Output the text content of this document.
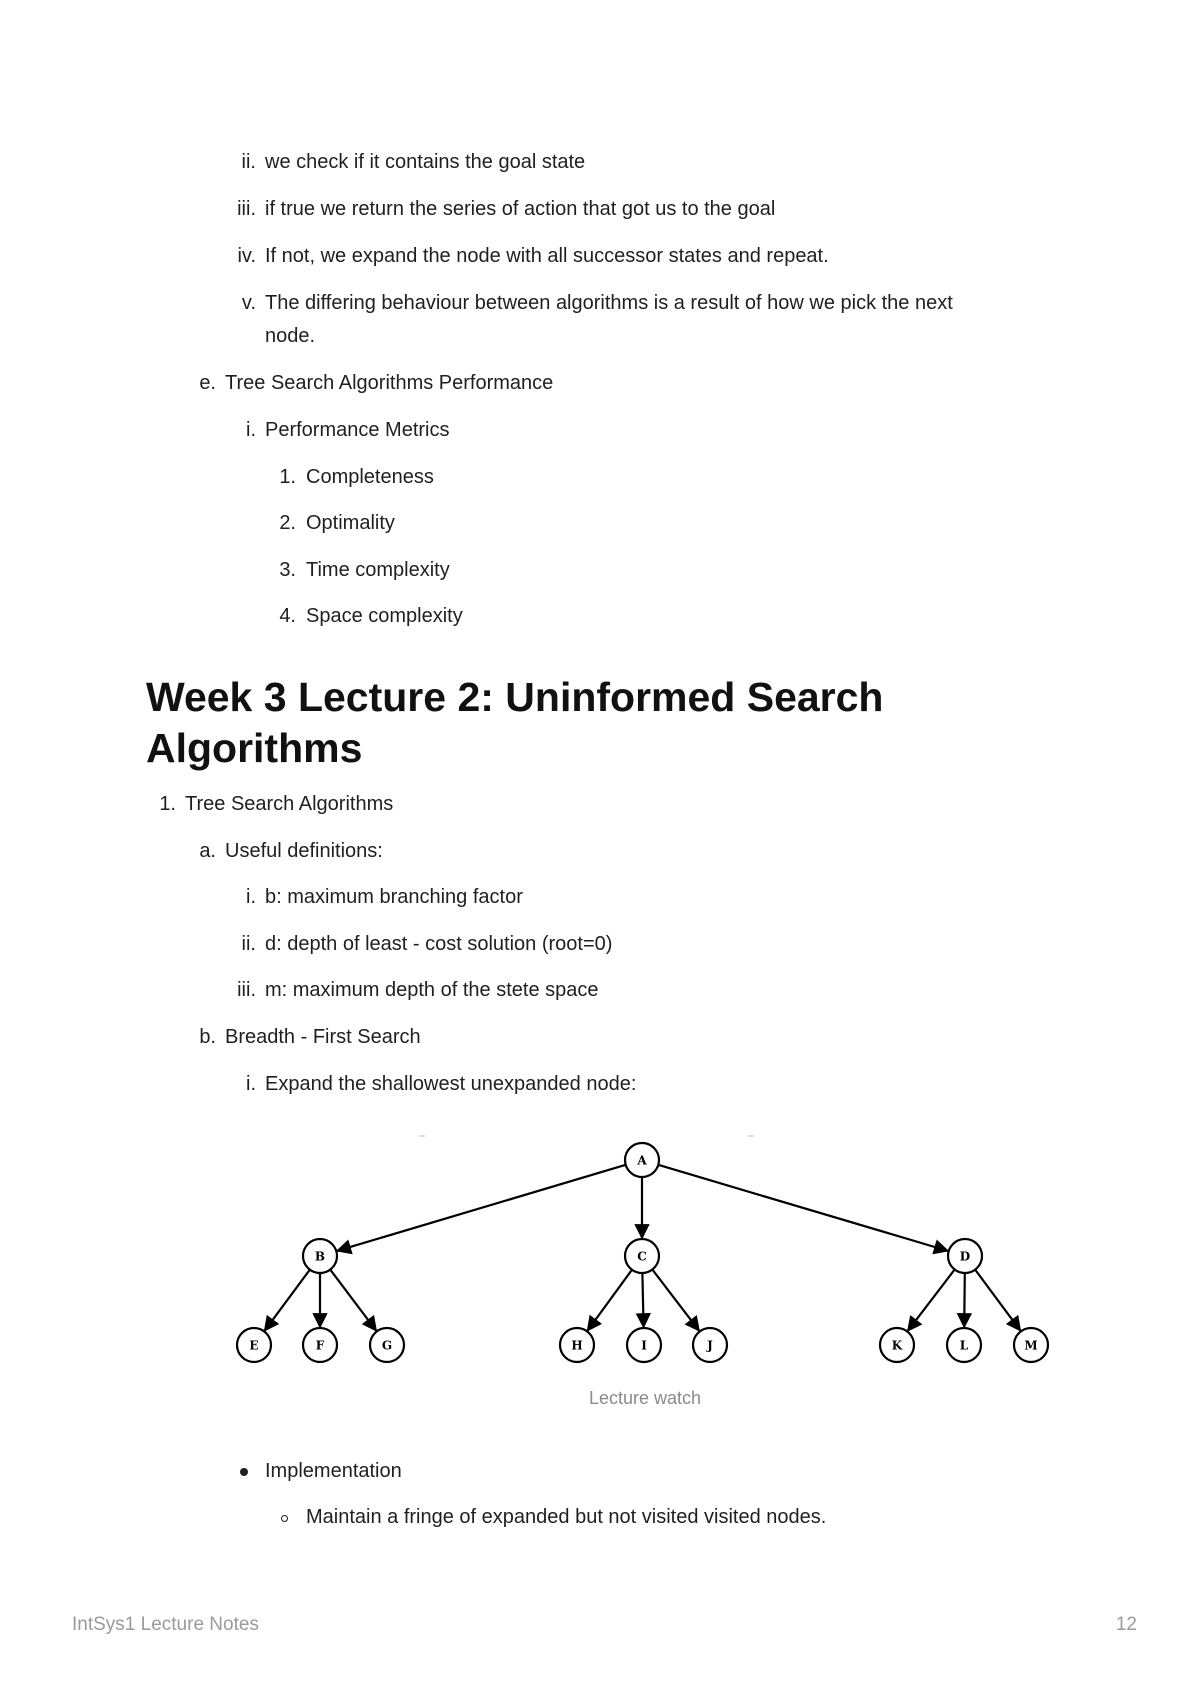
ii. we check if it contains the goal state
iii. if true we return the series of action that got us to the goal
iv. If not, we expand the node with all successor states and repeat.
v. The differing behaviour between algorithms is a result of how we pick the next
node.
e. Tree Search Algorithms Performance
i. Performance Metrics
1. Completeness
2. Optimality
3. Time complexity
4. Space complexity
Week 3 Lecture 2: Uninformed Search
Algorithms
1. Tree Search Algorithms
a. Useful definitions:
i. b: maximum branching factor
ii. d: depth of least - cost solution (root=0)
iii. m: maximum depth of the stete space
b. Breadth - First Search
i. Expand the shallowest unexpanded node:
A
B	C	D
E	F	G	H	I	J	K	L	M
Lecture watch
Implementation
Maintain a fringe of expanded but not visited visited nodes.
IntSys1 Lecture Notes	12
